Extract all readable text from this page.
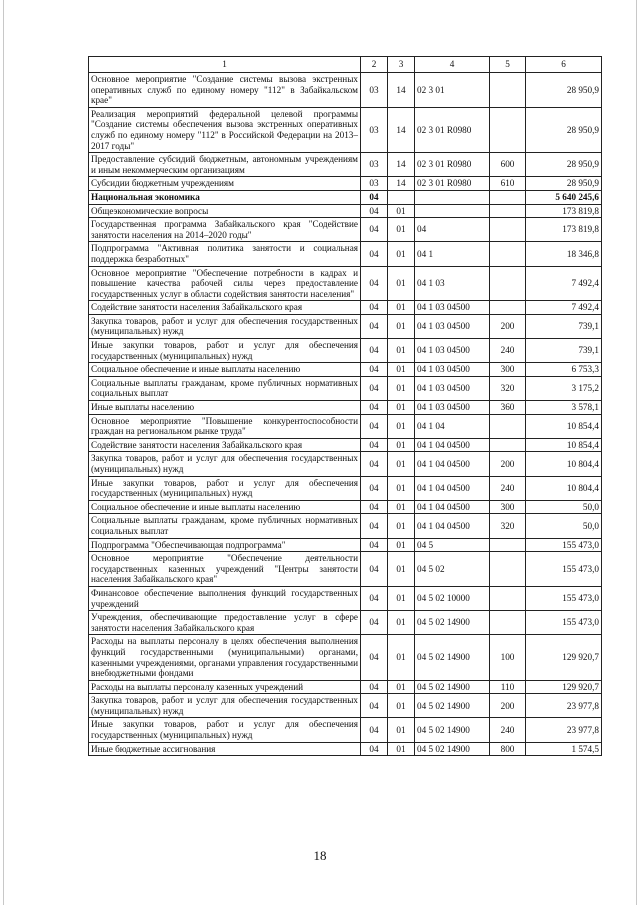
1	2	3	4	5	6
Основное мероприятие "Создание системы вызова экстренных оперативных служб по единому номеру "112" в Забайкальском крае"	03	14	02 3 01		28 950,9
Реализация мероприятий федеральной целевой программы "Создание системы обеспечения вызова экстренных оперативных служб по единому номеру "112" в Российской Федерации на 2013–2017 годы"	03	14	02 3 01 R0980		28 950,9
Предоставление субсидий бюджетным, автономным учреждениям и иным некоммерческим организациям	03	14	02 3 01 R0980	600	28 950,9
Субсидии бюджетным учреждениям	03	14	02 3 01 R0980	610	28 950,9
Национальная экономика	04				5 640 245,6
Общеэкономические вопросы	04	01			173 819,8
Государственная программа Забайкальского края "Содействие занятости населения на 2014–2020 годы"	04	01	04		173 819,8
Подпрограмма "Активная политика занятости и социальная поддержка безработных"	04	01	04 1		18 346,8
Основное мероприятие "Обеспечение потребности в кадрах и повышение качества рабочей силы через предоставление государственных услуг в области содействия занятости населения"	04	01	04 1 03		7 492,4
Содействие занятости населения Забайкальского края	04	01	04 1 03 04500		7 492,4
Закупка товаров, работ и услуг для обеспечения государственных (муниципальных) нужд	04	01	04 1 03 04500	200	739,1
Иные закупки товаров, работ и услуг для обеспечения государственных (муниципальных) нужд	04	01	04 1 03 04500	240	739,1
Социальное обеспечение и иные выплаты населению	04	01	04 1 03 04500	300	6 753,3
Социальные выплаты гражданам, кроме публичных нормативных социальных выплат	04	01	04 1 03 04500	320	3 175,2
Иные выплаты населению	04	01	04 1 03 04500	360	3 578,1
Основное мероприятие "Повышение конкурентоспособности граждан на региональном рынке труда"	04	01	04 1 04		10 854,4
Содействие занятости населения Забайкальского края	04	01	04 1 04 04500		10 854,4
Закупка товаров, работ и услуг для обеспечения государственных (муниципальных) нужд	04	01	04 1 04 04500	200	10 804,4
Иные закупки товаров, работ и услуг для обеспечения государственных (муниципальных) нужд	04	01	04 1 04 04500	240	10 804,4
Социальное обеспечение и иные выплаты населению	04	01	04 1 04 04500	300	50,0
Социальные выплаты гражданам, кроме публичных нормативных социальных выплат	04	01	04 1 04 04500	320	50,0
Подпрограмма "Обеспечивающая подпрограмма"	04	01	04 5		155 473,0
Основное мероприятие "Обеспечение деятельности государственных казенных учреждений "Центры занятости населения Забайкальского края"	04	01	04 5 02		155 473,0
Финансовое обеспечение выполнения функций государственных учреждений	04	01	04 5 02 10000		155 473,0
Учреждения, обеспечивающие предоставление услуг в сфере занятости населения Забайкальского края	04	01	04 5 02 14900		155 473,0
Расходы на выплаты персоналу в целях обеспечения выполнения функций государственными (муниципальными) органами, казенными учреждениями, органами управления государственными внебюджетными фондами	04	01	04 5 02 14900	100	129 920,7
Расходы на выплаты персоналу казенных учреждений	04	01	04 5 02 14900	110	129 920,7
Закупка товаров, работ и услуг для обеспечения государственных (муниципальных) нужд	04	01	04 5 02 14900	200	23 977,8
Иные закупки товаров, работ и услуг для обеспечения государственных (муниципальных) нужд	04	01	04 5 02 14900	240	23 977,8
Иные бюджетные ассигнования	04	01	04 5 02 14900	800	1 574,5
18
